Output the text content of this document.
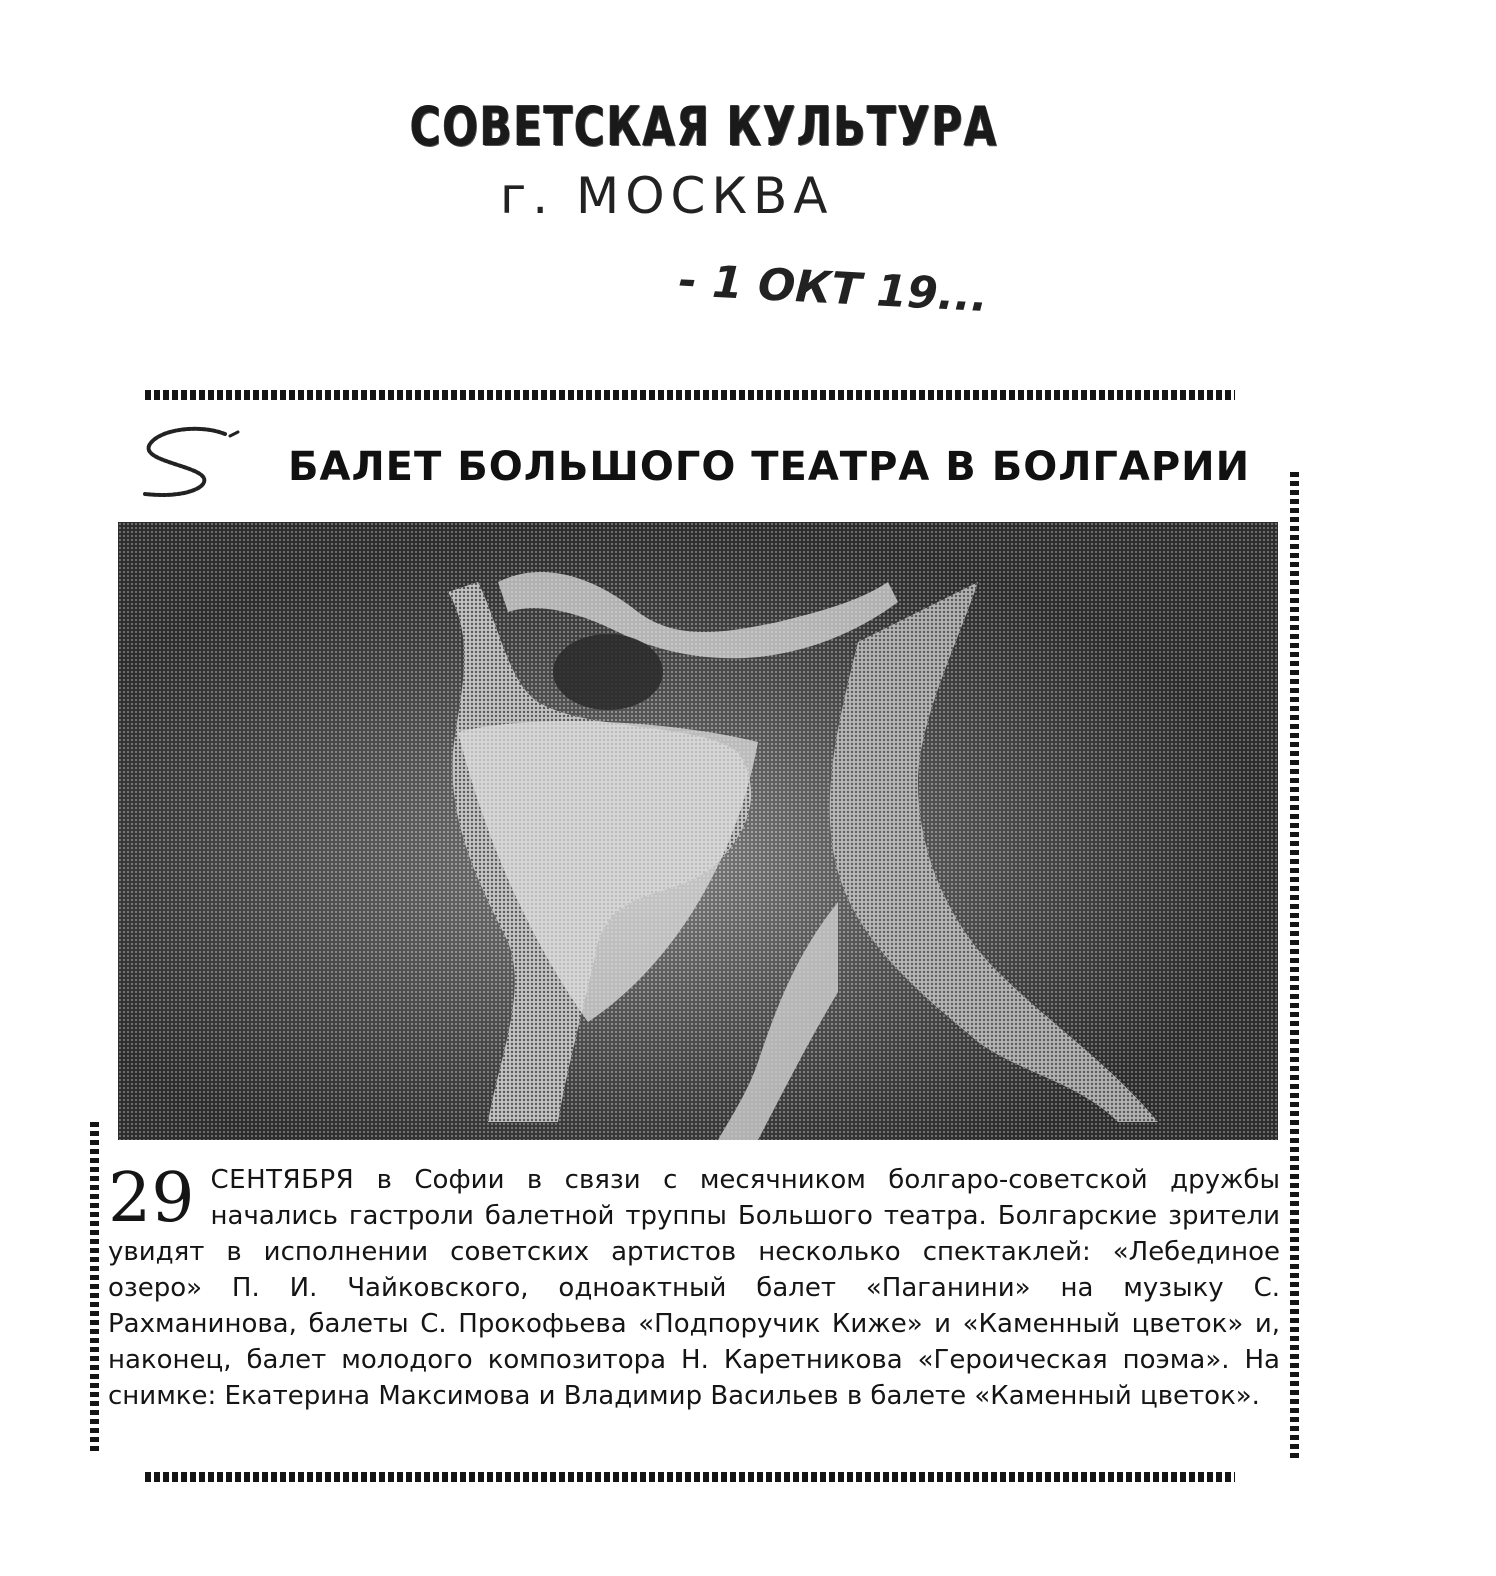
СОВЕТСКАЯ КУЛЬТУРА
г. МОСКВА
- 1 ОКТ 19...
БАЛЕТ БОЛЬШОГО ТЕАТРА В БОЛГАРИИ
29 СЕНТЯБРЯ в Софии в связи с месячником болгаро-советской дружбы начались гастроли балетной труппы Большого театра. Болгарские зрители увидят в исполнении советских артистов несколько спектаклей: «Лебединое озеро» П. И. Чайковского, одноактный балет «Паганини» на музыку С. Рахманинова, балеты С. Прокофьева «Подпоручик Киже» и «Каменный цветок» и, наконец, балет молодого композитора Н. Каретникова «Героическая поэма». На снимке: Екатерина Максимова и Владимир Васильев в балете «Каменный цветок».
